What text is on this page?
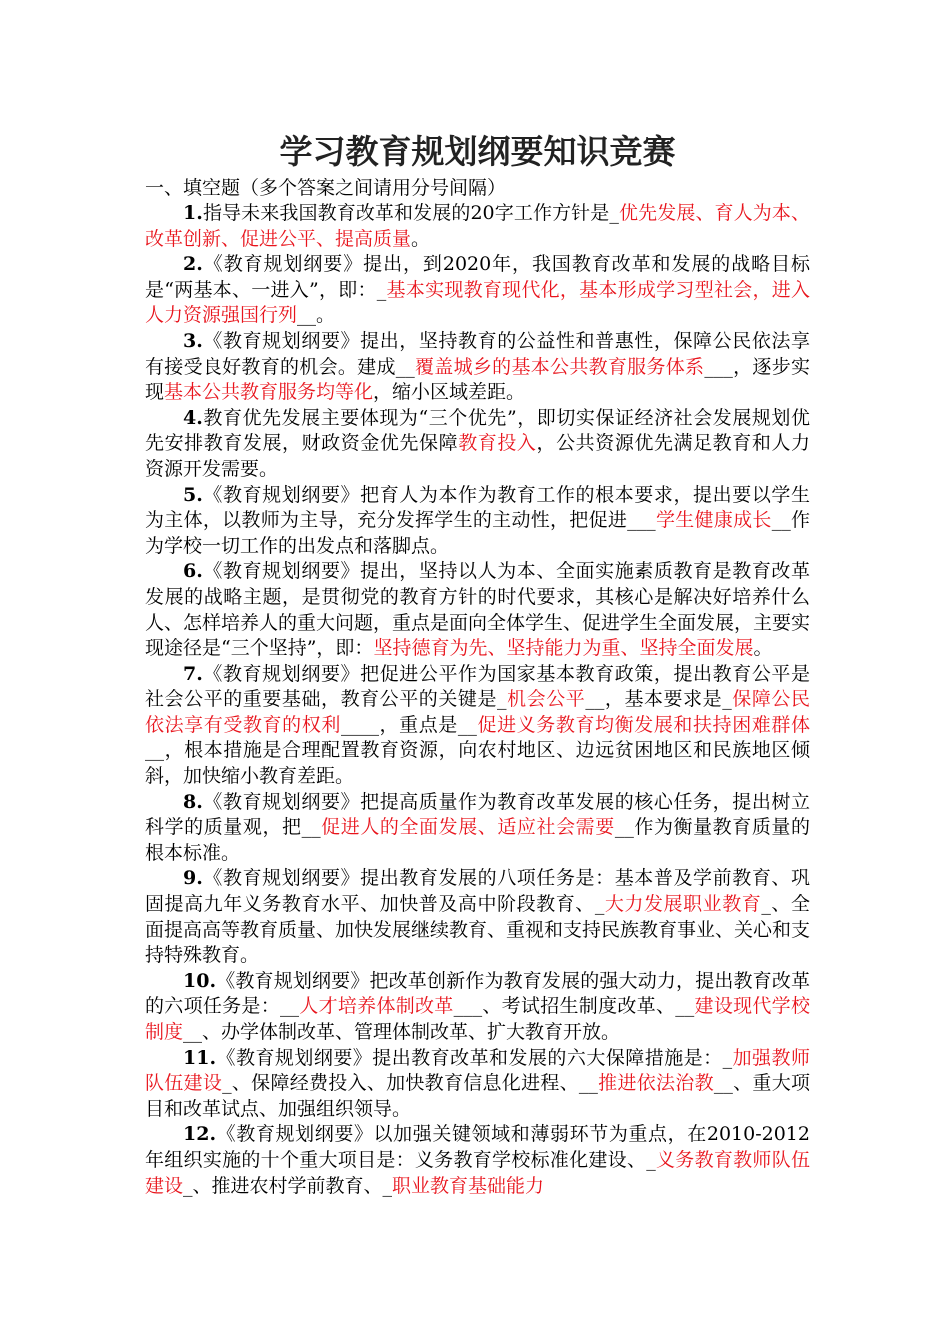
学习教育规划纲要知识竞赛

一、填空题（多个答案之间请用分号间隔）

1.指导未来我国教育改革和发展的20字工作方针是_优先发展、育人为本、改革创新、促进公平、提高质量。

2.《教育规划纲要》提出，到2020年，我国教育改革和发展的战略目标是“两基本、一进入”，即：_基本实现教育现代化，基本形成学习型社会，进入人力资源强国行列__。

3.《教育规划纲要》提出，坚持教育的公益性和普惠性，保障公民依法享有接受良好教育的机会。建成__覆盖城乡的基本公共教育服务体系___，逐步实现基本公共教育服务均等化，缩小区域差距。

4.教育优先发展主要体现为“三个优先”，即切实保证经济社会发展规划优先安排教育发展，财政资金优先保障教育投入，公共资源优先满足教育和人力资源开发需要。

5.《教育规划纲要》把育人为本作为教育工作的根本要求，提出要以学生为主体，以教师为主导，充分发挥学生的主动性，把促进___学生健康成长__作为学校一切工作的出发点和落脚点。

6.《教育规划纲要》提出，坚持以人为本、全面实施素质教育是教育改革发展的战略主题，是贯彻党的教育方针的时代要求，其核心是解决好培养什么人、怎样培养人的重大问题，重点是面向全体学生、促进学生全面发展，主要实现途径是“三个坚持”，即：坚持德育为先、坚持能力为重、坚持全面发展。

7.《教育规划纲要》把促进公平作为国家基本教育政策，提出教育公平是社会公平的重要基础，教育公平的关键是_机会公平__，基本要求是_保障公民依法享有受教育的权利____，重点是__促进义务教育均衡发展和扶持困难群体__，根本措施是合理配置教育资源，向农村地区、边远贫困地区和民族地区倾斜，加快缩小教育差距。

8.《教育规划纲要》把提高质量作为教育改革发展的核心任务，提出树立科学的质量观，把__促进人的全面发展、适应社会需要__作为衡量教育质量的根本标准。

9.《教育规划纲要》提出教育发展的八项任务是：基本普及学前教育、巩固提高九年义务教育水平、加快普及高中阶段教育、_大力发展职业教育_、全面提高高等教育质量、加快发展继续教育、重视和支持民族教育事业、关心和支持特殊教育。

10.《教育规划纲要》把改革创新作为教育发展的强大动力，提出教育改革的六项任务是：__人才培养体制改革___、考试招生制度改革、__建设现代学校制度__、办学体制改革、管理体制改革、扩大教育开放。

11.《教育规划纲要》提出教育改革和发展的六大保障措施是：_加强教师队伍建设_、保障经费投入、加快教育信息化进程、__推进依法治教__、重大项目和改革试点、加强组织领导。

12.《教育规划纲要》以加强关键领域和薄弱环节为重点，在2010-2012年组织实施的十个重大项目是：义务教育学校标准化建设、_义务教育教师队伍建设_、推进农村学前教育、_职业教育基础能力
